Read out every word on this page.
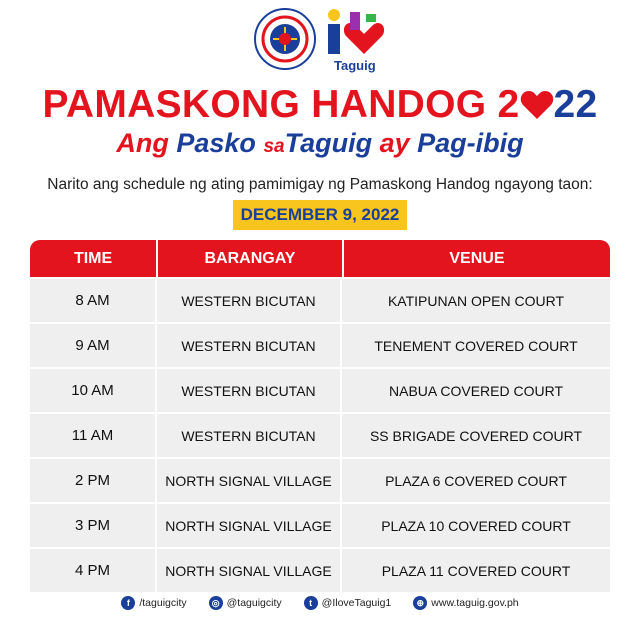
Taguig
PAMASKONG HANDOG 2 22
Ang Pasko saTaguig ay Pag-ibig
Narito ang schedule ng ating pamimigay ng Pamaskong Handog ngayong taon:
DECEMBER 9, 2022
TIME	BARANGAY	VENUE
8 AM	WESTERN BICUTAN	KATIPUNAN OPEN COURT
9 AM	WESTERN BICUTAN	TENEMENT COVERED COURT
10 AM	WESTERN BICUTAN	NABUA COVERED COURT
11 AM	WESTERN BICUTAN	SS BRIGADE COVERED COURT
2 PM	NORTH SIGNAL VILLAGE	PLAZA 6 COVERED COURT
3 PM	NORTH SIGNAL VILLAGE	PLAZA 10 COVERED COURT
4 PM	NORTH SIGNAL VILLAGE	PLAZA 11 COVERED COURT
f /taguigcity	◎ @taguigcity	t @IloveTaguig1	⊕ www.taguig.gov.ph
